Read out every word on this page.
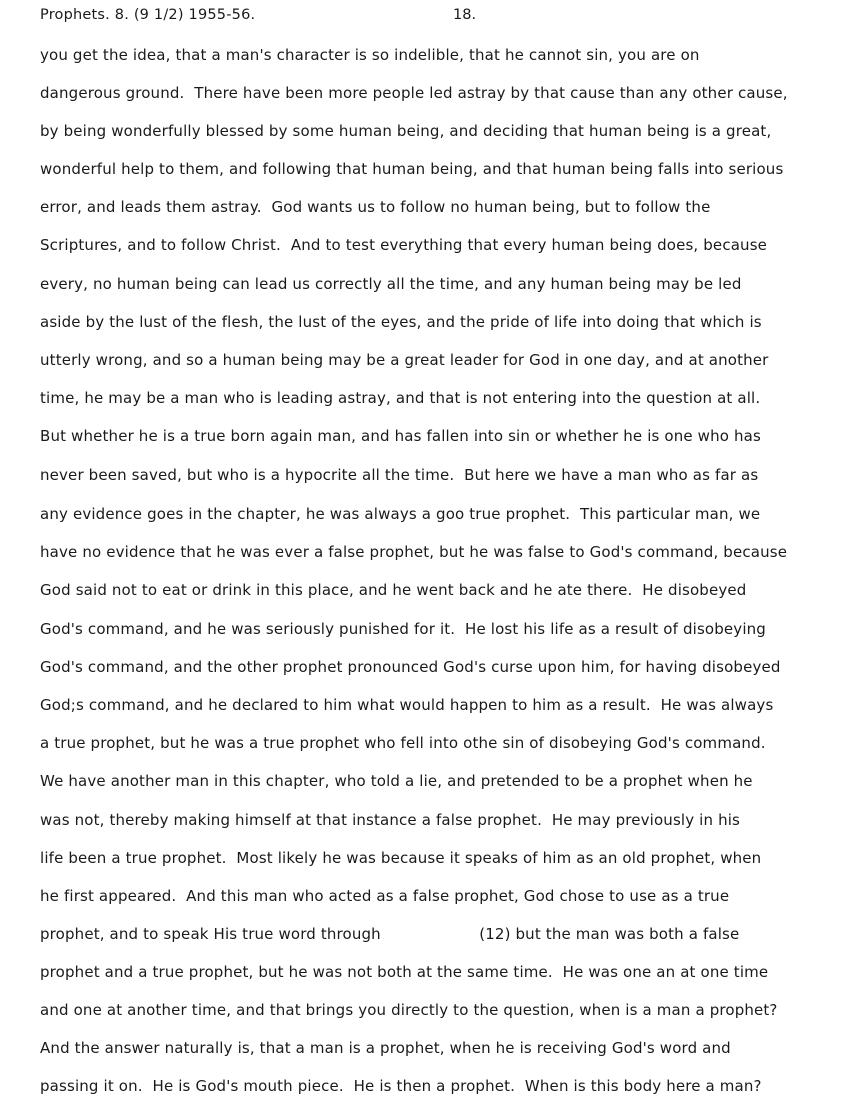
Prophets. 8. (9 1/2) 1955-56.	18.
you get the idea, that a man's character is so indelible, that he cannot sin, you are on
dangerous ground.  There have been more people led astray by that cause than any other cause,
by being wonderfully blessed by some human being, and deciding that human being is a great,
wonderful help to them, and following that human being, and that human being falls into serious
error, and leads them astray.  God wants us to follow no human being, but to follow the
Scriptures, and to follow Christ.  And to test everything that every human being does, because
every, no human being can lead us correctly all the time, and any human being may be led
aside by the lust of the flesh, the lust of the eyes, and the pride of life into doing that which is
utterly wrong, and so a human being may be a great leader for God in one day, and at another
time, he may be a man who is leading astray, and that is not entering into the question at all.
But whether he is a true born again man, and has fallen into sin or whether he is one who has
never been saved, but who is a hypocrite all the time.  But here we have a man who as far as
any evidence goes in the chapter, he was always a goo true prophet.  This particular man, we
have no evidence that he was ever a false prophet, but he was false to God's command, because
God said not to eat or drink in this place, and he went back and he ate there.  He disobeyed
God's command, and he was seriously punished for it.  He lost his life as a result of disobeying
God's command, and the other prophet pronounced God's curse upon him, for having disobeyed
God;s command, and he declared to him what would happen to him as a result.  He was always
a true prophet, but he was a true prophet who fell into othe sin of disobeying God's command.
We have another man in this chapter, who told a lie, and pretended to be a prophet when he
was not, thereby making himself at that instance a false prophet.  He may previously in his
life been a true prophet.  Most likely he was because it speaks of him as an old prophet, when
he first appeared.  And this man who acted as a false prophet, God chose to use as a true
prophet, and to speak His true word through                    (12) but the man was both a false
prophet and a true prophet, but he was not both at the same time.  He was one an at one time
and one at another time, and that brings you directly to the question, when is a man a prophet?
And the answer naturally is, that a man is a prophet, when he is receiving God's word and
passing it on.  He is God's mouth piece.  He is then a prophet.  When is this body here a man?
